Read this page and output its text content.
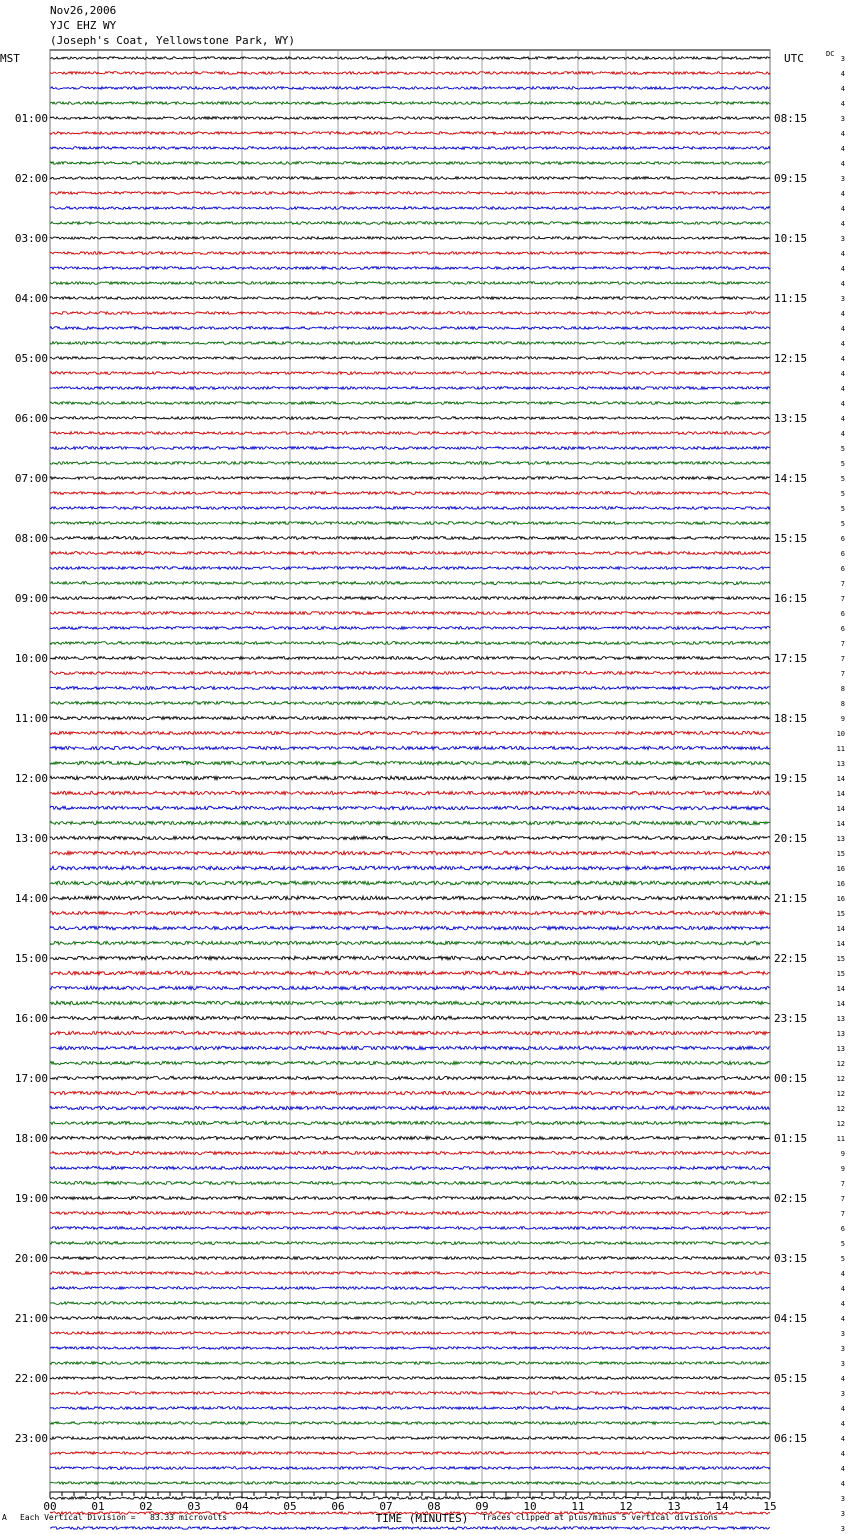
Nov26,2006
YJC EHZ WY
(Joseph's Coat, Yellowstone Park, WY)
MST	UTC
01:00
02:00
03:00
04:00
05:00
06:00
07:00
08:00
09:00
10:00
11:00
12:00
13:00
14:00
15:00
16:00
17:00
18:00
19:00
20:00
21:00
22:00
23:00
08:15
09:15
10:15
11:15
12:15
13:15
14:15
15:15
16:15
17:15
18:15
19:15
20:15
21:15
22:15
23:15
00:15
01:15
02:15
03:15
04:15
05:15
06:15
DC
3
4
4
4
3
4
4
4
3
4
4
4
3
4
4
4
3
4
4
4
4
4
4
4
4
4
5
5
5
5
5
5
6
6
6
7
7
6
6
7
7
7
8
8
9
10
11
13
14
14
14
14
13
15
16
16
16
15
14
14
15
15
14
14
13
13
13
12
12
12
12
12
11
9
9
7
7
7
6
5
5
4
4
4
4
3
3
3
4
3
4
4
4
4
4
4
3
3
3
00	01	02	03	04	05	06	07	08	09	10	11	12	13	14	15
TIME (MINUTES)
A Each Vertical Division =   83.33 microvolts	Traces clipped at plus/minus 5 vertical divisions
